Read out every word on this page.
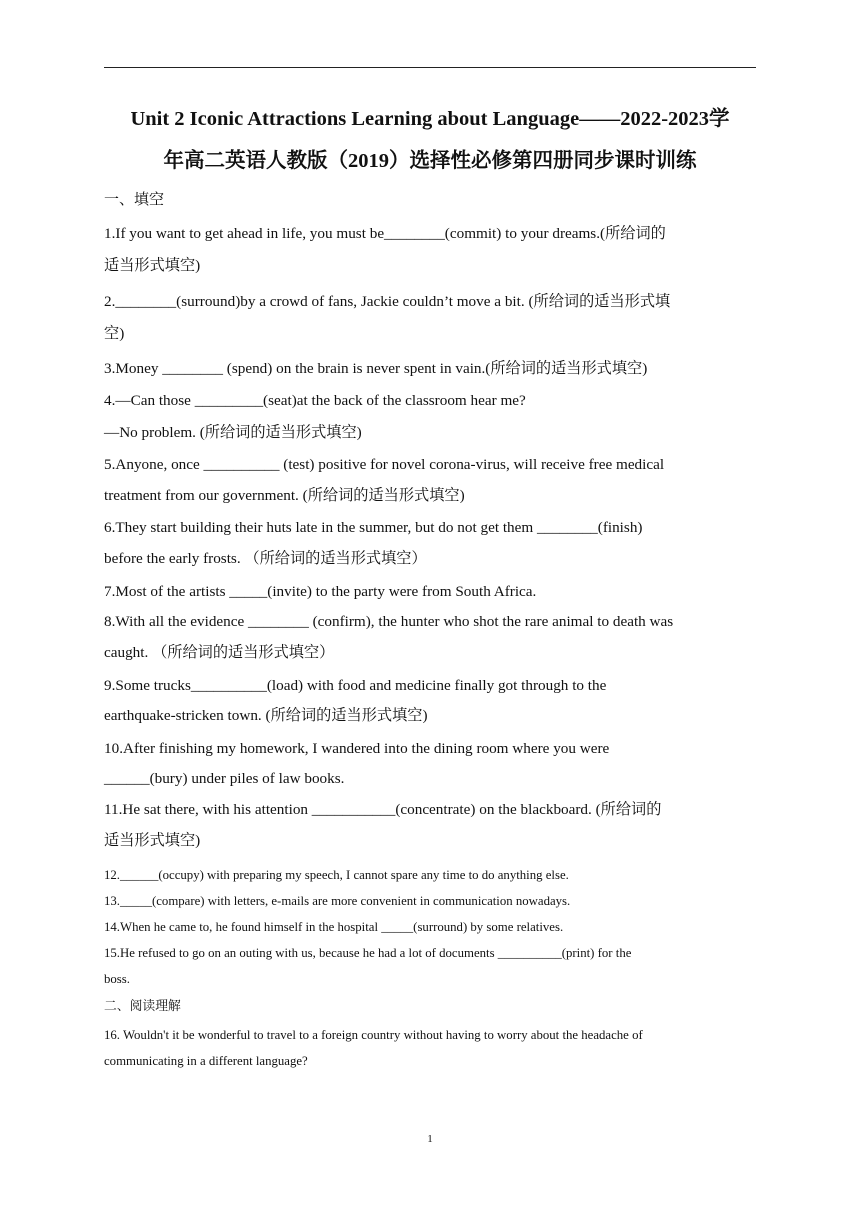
Unit 2 Iconic Attractions Learning about Language——2022-2023学
年高二英语人教版（2019）选择性必修第四册同步课时训练

一、填空

1.If you want to get ahead in life, you must be________(commit) to your dreams.(所给词的

适当形式填空)

2.________(surround)by a crowd of fans, Jackie couldn’t move a bit. (所给词的适当形式填

空)

3.Money ________ (spend) on the brain is never spent in vain.(所给词的适当形式填空)

4.—Can those _________(seat)at the back of the classroom hear me?

—No problem. (所给词的适当形式填空)

5.Anyone, once __________ (test) positive for novel corona-virus, will receive free medical

treatment from our government. (所给词的适当形式填空)

6.They start building their huts late in the summer, but do not get them ________(finish)

before the early frosts. （所给词的适当形式填空）

7.Most of the artists _____(invite) to the party were from South Africa.

8.With all the evidence ________ (confirm), the hunter who shot the rare animal to death was

caught. （所给词的适当形式填空）

9.Some trucks__________(load) with food and medicine finally got through to the

earthquake-stricken town. (所给词的适当形式填空)

10.After finishing my homework, I wandered into the dining room where you were

______(bury) under piles of law books.

11.He sat there, with his attention ___________(concentrate) on the blackboard. (所给词的

适当形式填空)

12.______(occupy) with preparing my speech, I cannot spare any time to do anything else.

13._____(compare) with letters, e-mails are more convenient in communication nowadays.

14.When he came to, he found himself in the hospital _____(surround) by some relatives.

15.He refused to go on an outing with us, because he had a lot of documents __________(print) for the

boss.

二、阅读理解

16. Wouldn't it be wonderful to travel to a foreign country without having to worry about the headache of

communicating in a different language?

1
